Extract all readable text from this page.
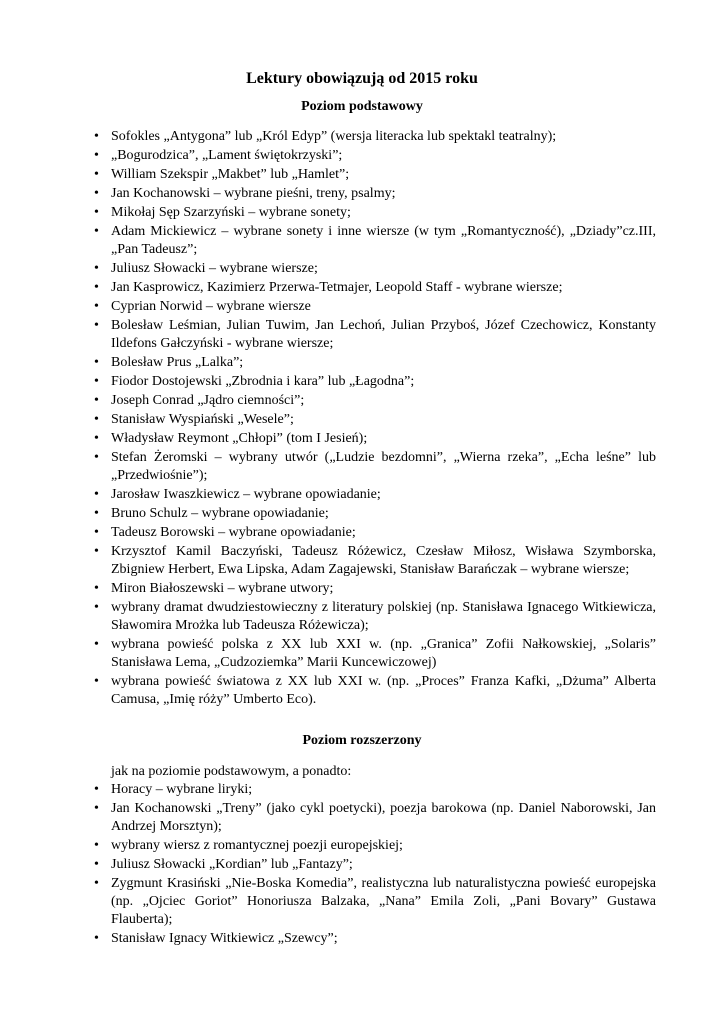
Lektury obowiązują od 2015 roku
Poziom podstawowy
• Sofokles „Antygona” lub „Król Edyp” (wersja literacka lub spektakl teatralny);
• „Bogurodzica”, „Lament świętokrzyski”;
• William Szekspir „Makbet” lub „Hamlet”;
• Jan Kochanowski – wybrane pieśni, treny, psalmy;
• Mikołaj Sęp Szarzyński – wybrane sonety;
• Adam Mickiewicz – wybrane sonety i inne wiersze (w tym „Romantyczność), „Dziady”cz.III,„Pan Tadeusz”;
• Juliusz Słowacki – wybrane wiersze;
• Jan Kasprowicz, Kazimierz Przerwa-Tetmajer, Leopold Staff - wybrane wiersze;
• Cyprian Norwid – wybrane wiersze
• Bolesław Leśmian, Julian Tuwim, Jan Lechoń, Julian Przyboś, Józef Czechowicz, Konstanty Ildefons Gałczyński - wybrane wiersze;
• Bolesław Prus „Lalka”;
• Fiodor Dostojewski „Zbrodnia i kara” lub „Łagodna”;
• Joseph Conrad „Jądro ciemności”;
• Stanisław Wyspiański „Wesele”;
• Władysław Reymont „Chłopi” (tom I Jesień);
• Stefan Żeromski – wybrany utwór („Ludzie bezdomni”, „Wierna rzeka”, „Echa leśne” lub „Przedwiośnie”);
• Jarosław Iwaszkiewicz – wybrane opowiadanie;
• Bruno Schulz – wybrane opowiadanie;
• Tadeusz Borowski – wybrane opowiadanie;
• Krzysztof Kamil Baczyński, Tadeusz Różewicz, Czesław Miłosz, Wisława Szymborska, Zbigniew Herbert, Ewa Lipska, Adam Zagajewski, Stanisław Barańczak – wybrane wiersze;
• Miron Białoszewski – wybrane utwory;
• wybrany dramat dwudziestowieczny z literatury polskiej (np. Stanisława Ignacego Witkiewicza, Sławomira Mrożka lub Tadeusza Różewicza);
• wybrana powieść polska z XX lub XXI w. (np. „Granica” Zofii Nałkowskiej, „Solaris” Stanisława Lema, „Cudzoziemka” Marii Kuncewiczowej)
• wybrana powieść światowa z XX lub XXI w. (np. „Proces” Franza Kafki, „Dżuma” Alberta Camusa, „Imię róży” Umberto Eco).
Poziom rozszerzony
jak na poziomie podstawowym, a ponadto:
• Horacy – wybrane liryki;
• Jan Kochanowski „Treny” (jako cykl poetycki), poezja barokowa (np. Daniel Naborowski, Jan Andrzej Morsztyn);
• wybrany wiersz z romantycznej poezji europejskiej;
• Juliusz Słowacki „Kordian” lub „Fantazy”;
• Zygmunt Krasiński „Nie-Boska Komedia”, realistyczna lub naturalistyczna powieść europejska (np. „Ojciec Goriot” Honoriusza Balzaka, „Nana” Emila Zoli, „Pani Bovary” Gustawa Flauberta);
• Stanisław Ignacy Witkiewicz „Szewcy”;
